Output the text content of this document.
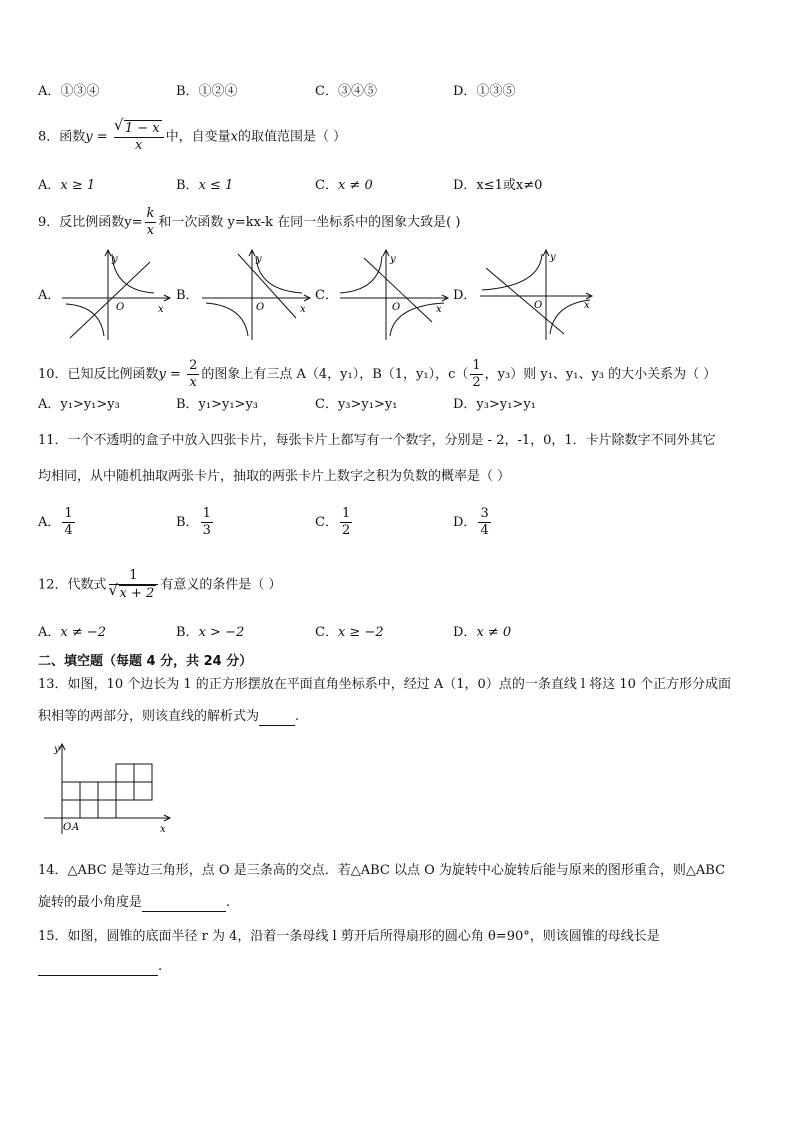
A．①③④	B．①②④	C．③④⑤	D．①③⑤
8．函数y =
√ $\frac{1 - x}{x}$ 中，自变量x的取值范围是（ ）
A．x ≥ 1	B．x ≤ 1	C．x ≠ 0	D．x≤1或x≠0
9．反比例函数$y= \frac{k}{x}$ 和一次函数 y=kx-k 在同一坐标系中的图象大致是( )
A．	B．	C．	D．
y
x
O
y
x
O
y
x
O
y
x
O
10．已知反比例函数$y = \frac{2}{x}$ 的图象上有三点 A（4，y₁），B（1，y₁），$c( \frac{1}{2}$ ，y₃）则 y₁、y₁、y₃ 的大小关系为（ ）
A．y₁>y₁>y₃	B．y₁>y₁>y₃	C．y₃>y₁>y₁	D．y₃>y₁>y₁
11．一个不透明的盒子中放入四张卡片，每张卡片上都写有一个数字，分别是 - 2，-1，0，1．卡片除数字不同外其它
均相同，从中随机抽取两张卡片，抽取的两张卡片上数字之积为负数的概率是（ ）
A． $\frac{1}{4}$	B． $\frac{1}{3}$	C． $\frac{1}{2}$	D． $\frac{3}{4}$
12．代数式 1
√ x + 2 有意义的条件是（ ）
A．x ≠ −2	B．x > −2	C．x ≥ −2	D．x ≠ 0
二、填空题（每题 4 分，共 24 分）
13．如图，10 个边长为 1 的正方形摆放在平面直角坐标系中，经过 A（1，0）点的一条直线 l 将这 10 个正方形分成面
积相等的两部分，则该直线的解析式为	.
y
x
O A
14．△ABC 是等边三角形，点 O 是三条高的交点．若△ABC 以点 O 为旋转中心旋转后能与原来的图形重合，则△ABC
旋转的最小角度是	.
15．如图，圆锥的底面半径 r 为 4，沿着一条母线 l 剪开后所得扇形的圆心角 θ=90°，则该圆锥的母线长是
.
